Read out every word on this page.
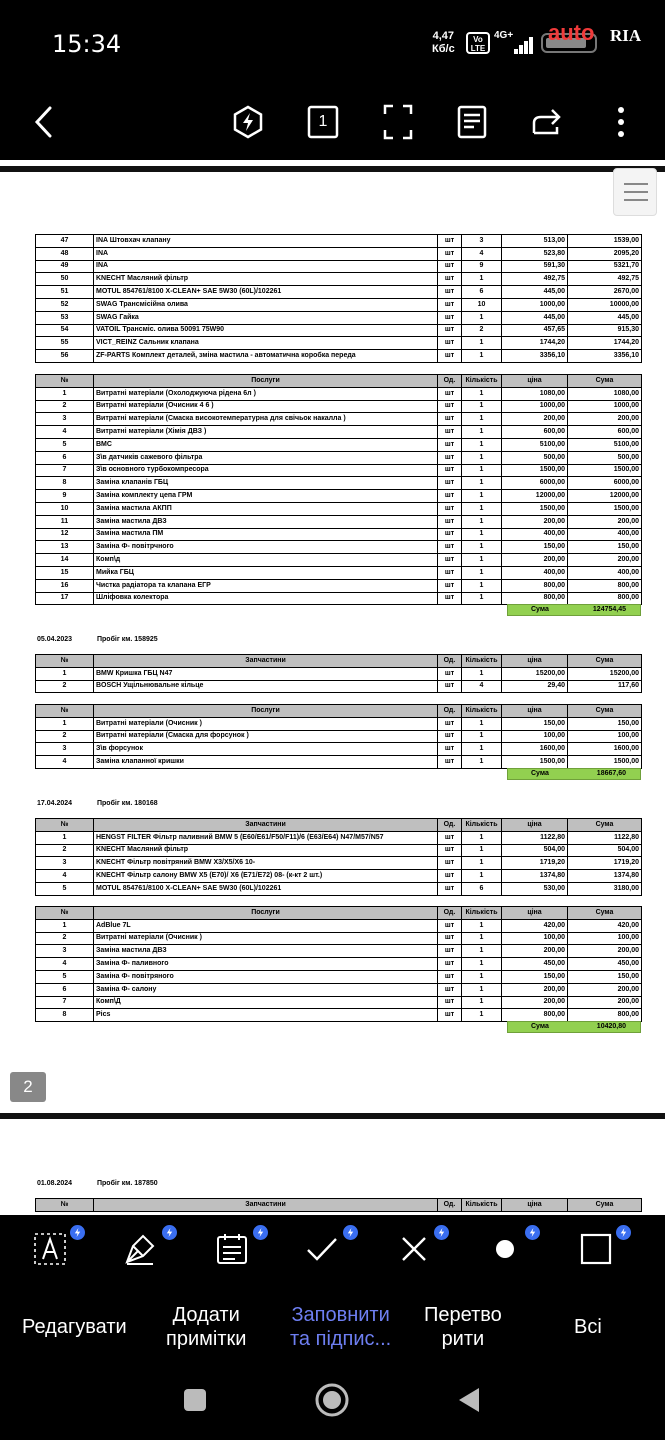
15:34	4,47
Кб/с
Vo
LTE
4G+ auto RIA
1
47	INA Штовхач клапану	шт	3	513,00	1539,00
48	INA	шт	4	523,80	2095,20
49	INA	шт	9	591,30	5321,70
50	KNECHT Масляний фільтр	шт	1	492,75	492,75
51	MOTUL 854761/8100 X-CLEAN+ SAE 5W30 (60L)/102261	шт	6	445,00	2670,00
52	SWAG Трансмісійна олива	шт	10	1000,00	10000,00
53	SWAG Гайка	шт	1	445,00	445,00
54	VATOIL Трансміс. олива 50091 75W90	шт	2	457,65	915,30
55	VICT_REINZ Сальник клапана	шт	1	1744,20	1744,20
56	ZF-PARTS Комплект деталей, зміна мастила - автоматична коробка переда	шт	1	3356,10	3356,10
№	Послуги	Од.	Кількість	ціна	Сума
1	Витратні матеріали (Охолоджуюча рідена 6л )	шт	1	1080,00	1080,00
2	Витратні матеріали (Очисник 4 6 )	шт	1	1000,00	1000,00
3	Витратні матеріали (Смаска високотемпературна для свічьок накалла )	шт	1	200,00	200,00
4	Витратні матеріали (Хімія ДВЗ )	шт	1	600,00	600,00
5	BMC	шт	1	5100,00	5100,00
6	З\в датчиків сажевого фільтра	шт	1	500,00	500,00
7	З\в основного турбокомпресора	шт	1	1500,00	1500,00
8	Заміна клапанів ГБЦ	шт	1	6000,00	6000,00
9	Заміна комплекту цепа ГРМ	шт	1	12000,00	12000,00
10	Заміна мастила АКПП	шт	1	1500,00	1500,00
11	Заміна мастила ДВЗ	шт	1	200,00	200,00
12	Заміна мастила ПМ	шт	1	400,00	400,00
13	Заміна Ф- повітрчного	шт	1	150,00	150,00
14	Комп\д	шт	1	200,00	200,00
15	Мийка ГБЦ	шт	1	400,00	400,00
16	Чистка радіатора та клапана ЕГР	шт	1	800,00	800,00
17	Шліфовка колектора	шт	1	800,00	800,00
Сума	124754,45
05.04.2023	Пробіг км. 158925
№	Запчастини	Од.	Кількість	ціна	Сума
1	BMW Кришка ГБЦ N47	шт	1	15200,00	15200,00
2	BOSCH Ущільнювальне кільце	шт	4	29,40	117,60
№	Послуги	Од.	Кількість	ціна	Сума
1	Витратні матеріали (Очисник )	шт	1	150,00	150,00
2	Витратні матеріали (Смаска для форсунок )	шт	1	100,00	100,00
3	З\в форсунок	шт	1	1600,00	1600,00
4	Заміна клапанної кришки	шт	1	1500,00	1500,00
Сума	18667,60
17.04.2024	Пробіг км. 180168
№	Запчастини	Од.	Кількість	ціна	Сума
1	HENGST FILTER Фільтр паливний BMW 5 (E60/E61/F50/F11)/6 (E63/E64) N47/M57/N57	шт	1	1122,80	1122,80
2	KNECHT Масляний фільтр	шт	1	504,00	504,00
3	KNECHT Фільтр повітряний BMW X3/X5/X6 10-	шт	1	1719,20	1719,20
4	KNECHT Фільтр салону BMW X5 (E70)/ X6 (E71/E72) 08- (к-кт 2 шт.)	шт	1	1374,80	1374,80
5	MOTUL 854761/8100 X-CLEAN+ SAE 5W30 (60L)/102261	шт	6	530,00	3180,00
№	Послуги	Од.	Кількість	ціна	Сума
1	AdBlue 7L	шт	1	420,00	420,00
2	Витратні матеріали (Очисник )	шт	1	100,00	100,00
3	Заміна мастила ДВЗ	шт	1	200,00	200,00
4	Заміна Ф- паливного	шт	1	450,00	450,00
5	Заміна Ф- повітряного	шт	1	150,00	150,00
6	Заміна Ф- салону	шт	1	200,00	200,00
7	Комп\Д	шт	1	200,00	200,00
8	Pics	шт	1	800,00	800,00
Сума	10420,80
2
01.08.2024	Пробіг км. 187850
№	Запчастини	Од.	Кількість	ціна	Сума
Редагувати
Додати
примітки
Заповнити
та підпис...
Перетво
рити
Всі
